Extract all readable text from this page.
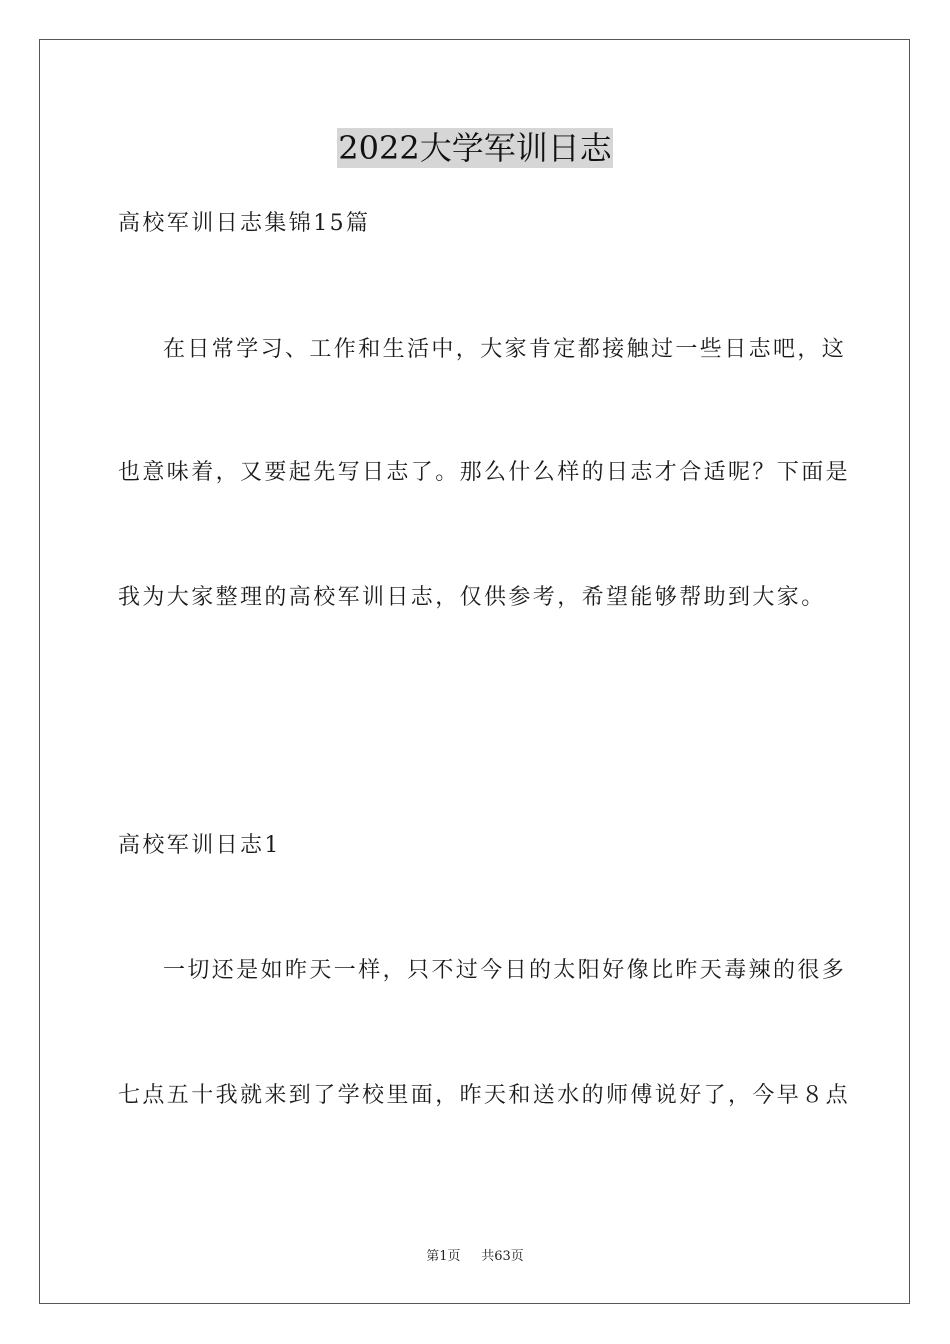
2022大学军训日志
高校军训日志集锦15篇
在日常学习、工作和生活中，大家肯定都接触过一些日志吧，这
也意味着，又要起先写日志了。那么什么样的日志才合适呢？下面是
我为大家整理的高校军训日志，仅供参考，希望能够帮助到大家。
高校军训日志1
一切还是如昨天一样，只不过今日的太阳好像比昨天毒辣的很多
七点五十我就来到了学校里面，昨天和送水的师傅说好了，今早８点
第1页 共63页
